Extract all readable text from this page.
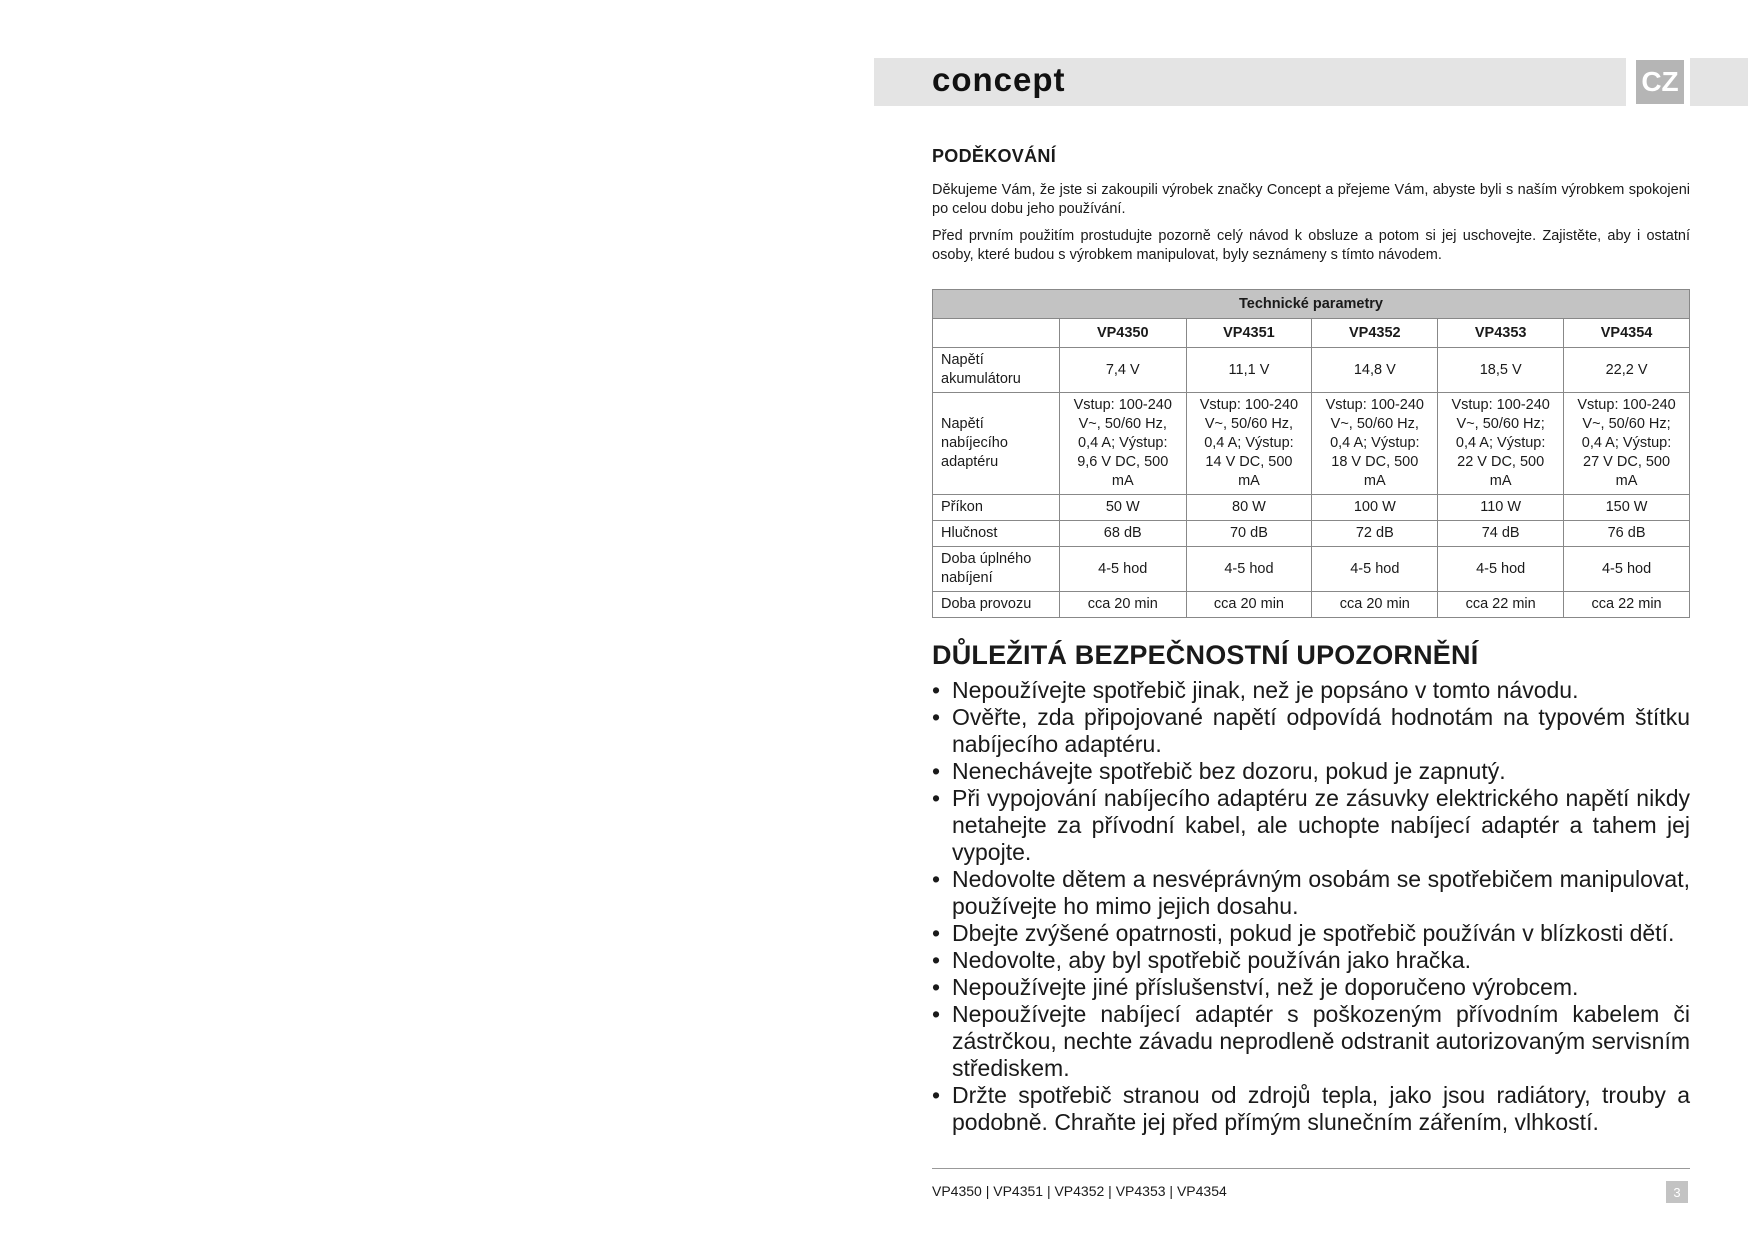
concept	CZ
PODĚKOVÁNÍ

Děkujeme Vám, že jste si zakoupili výrobek značky Concept a přejeme Vám, abyste byli s naším výrobkem spokojeni po celou dobu jeho používání.

Před prvním použitím prostudujte pozorně celý návod k obsluze a potom si jej uschovejte. Zajistěte, aby i ostatní osoby, které budou s výrobkem manipulovat, byly seznámeny s tímto návodem.

Technické parametry					
	VP4350	VP4351	VP4352	VP4353	VP4354
Napětí akumulátoru	7,4 V	11,1 V	14,8 V	18,5 V	22,2 V
Napětí nabíjecího adaptéru	Vstup: 100-240 V~, 50/60 Hz, 0,4 A; Výstup: 9,6 V DC, 500 mA	Vstup: 100-240 V~, 50/60 Hz, 0,4 A; Výstup: 14 V DC, 500 mA	Vstup: 100-240 V~, 50/60 Hz, 0,4 A; Výstup: 18 V DC, 500 mA	Vstup: 100-240 V~, 50/60 Hz; 0,4 A; Výstup: 22 V DC, 500 mA	Vstup: 100-240 V~, 50/60 Hz; 0,4 A; Výstup: 27 V DC, 500 mA
Příkon	50 W	80 W	100 W	110 W	150 W
Hlučnost	68 dB	70 dB	72 dB	74 dB	76 dB
Doba úplného nabíjení	4-5 hod	4-5 hod	4-5 hod	4-5 hod	4-5 hod
Doba provozu	cca 20 min	cca 20 min	cca 20 min	cca 22 min	cca 22 min
DŮLEŽITÁ BEZPEČNOSTNÍ UPOZORNĚNÍ
• Nepoužívejte spotřebič jinak, než je popsáno v tomto návodu.
• Ověřte, zda připojované napětí odpovídá hodnotám na typovém štítku nabíjecího adaptéru.
• Nenechávejte spotřebič bez dozoru, pokud je zapnutý.
• Při vypojování nabíjecího adaptéru ze zásuvky elektrického napětí nikdy netahejte za přívodní kabel, ale uchopte nabíjecí adaptér a tahem jej vypojte.
• Nedovolte dětem a nesvéprávným osobám se spotřebičem manipulovat, používejte ho mimo jejich dosahu.
• Dbejte zvýšené opatrnosti, pokud je spotřebič používán v blízkosti dětí.
• Nedovolte, aby byl spotřebič používán jako hračka.
• Nepoužívejte jiné příslušenství, než je doporučeno výrobcem.
• Nepoužívejte nabíjecí adaptér s poškozeným přívodním kabelem či zástrčkou, nechte závadu neprodleně odstranit autorizovaným servisním střediskem.
• Držte spotřebič stranou od zdrojů tepla, jako jsou radiátory, trouby a podobně. Chraňte jej před přímým slunečním zářením, vlhkostí.
VP4350 | VP4351 | VP4352 | VP4353 | VP4354	3
